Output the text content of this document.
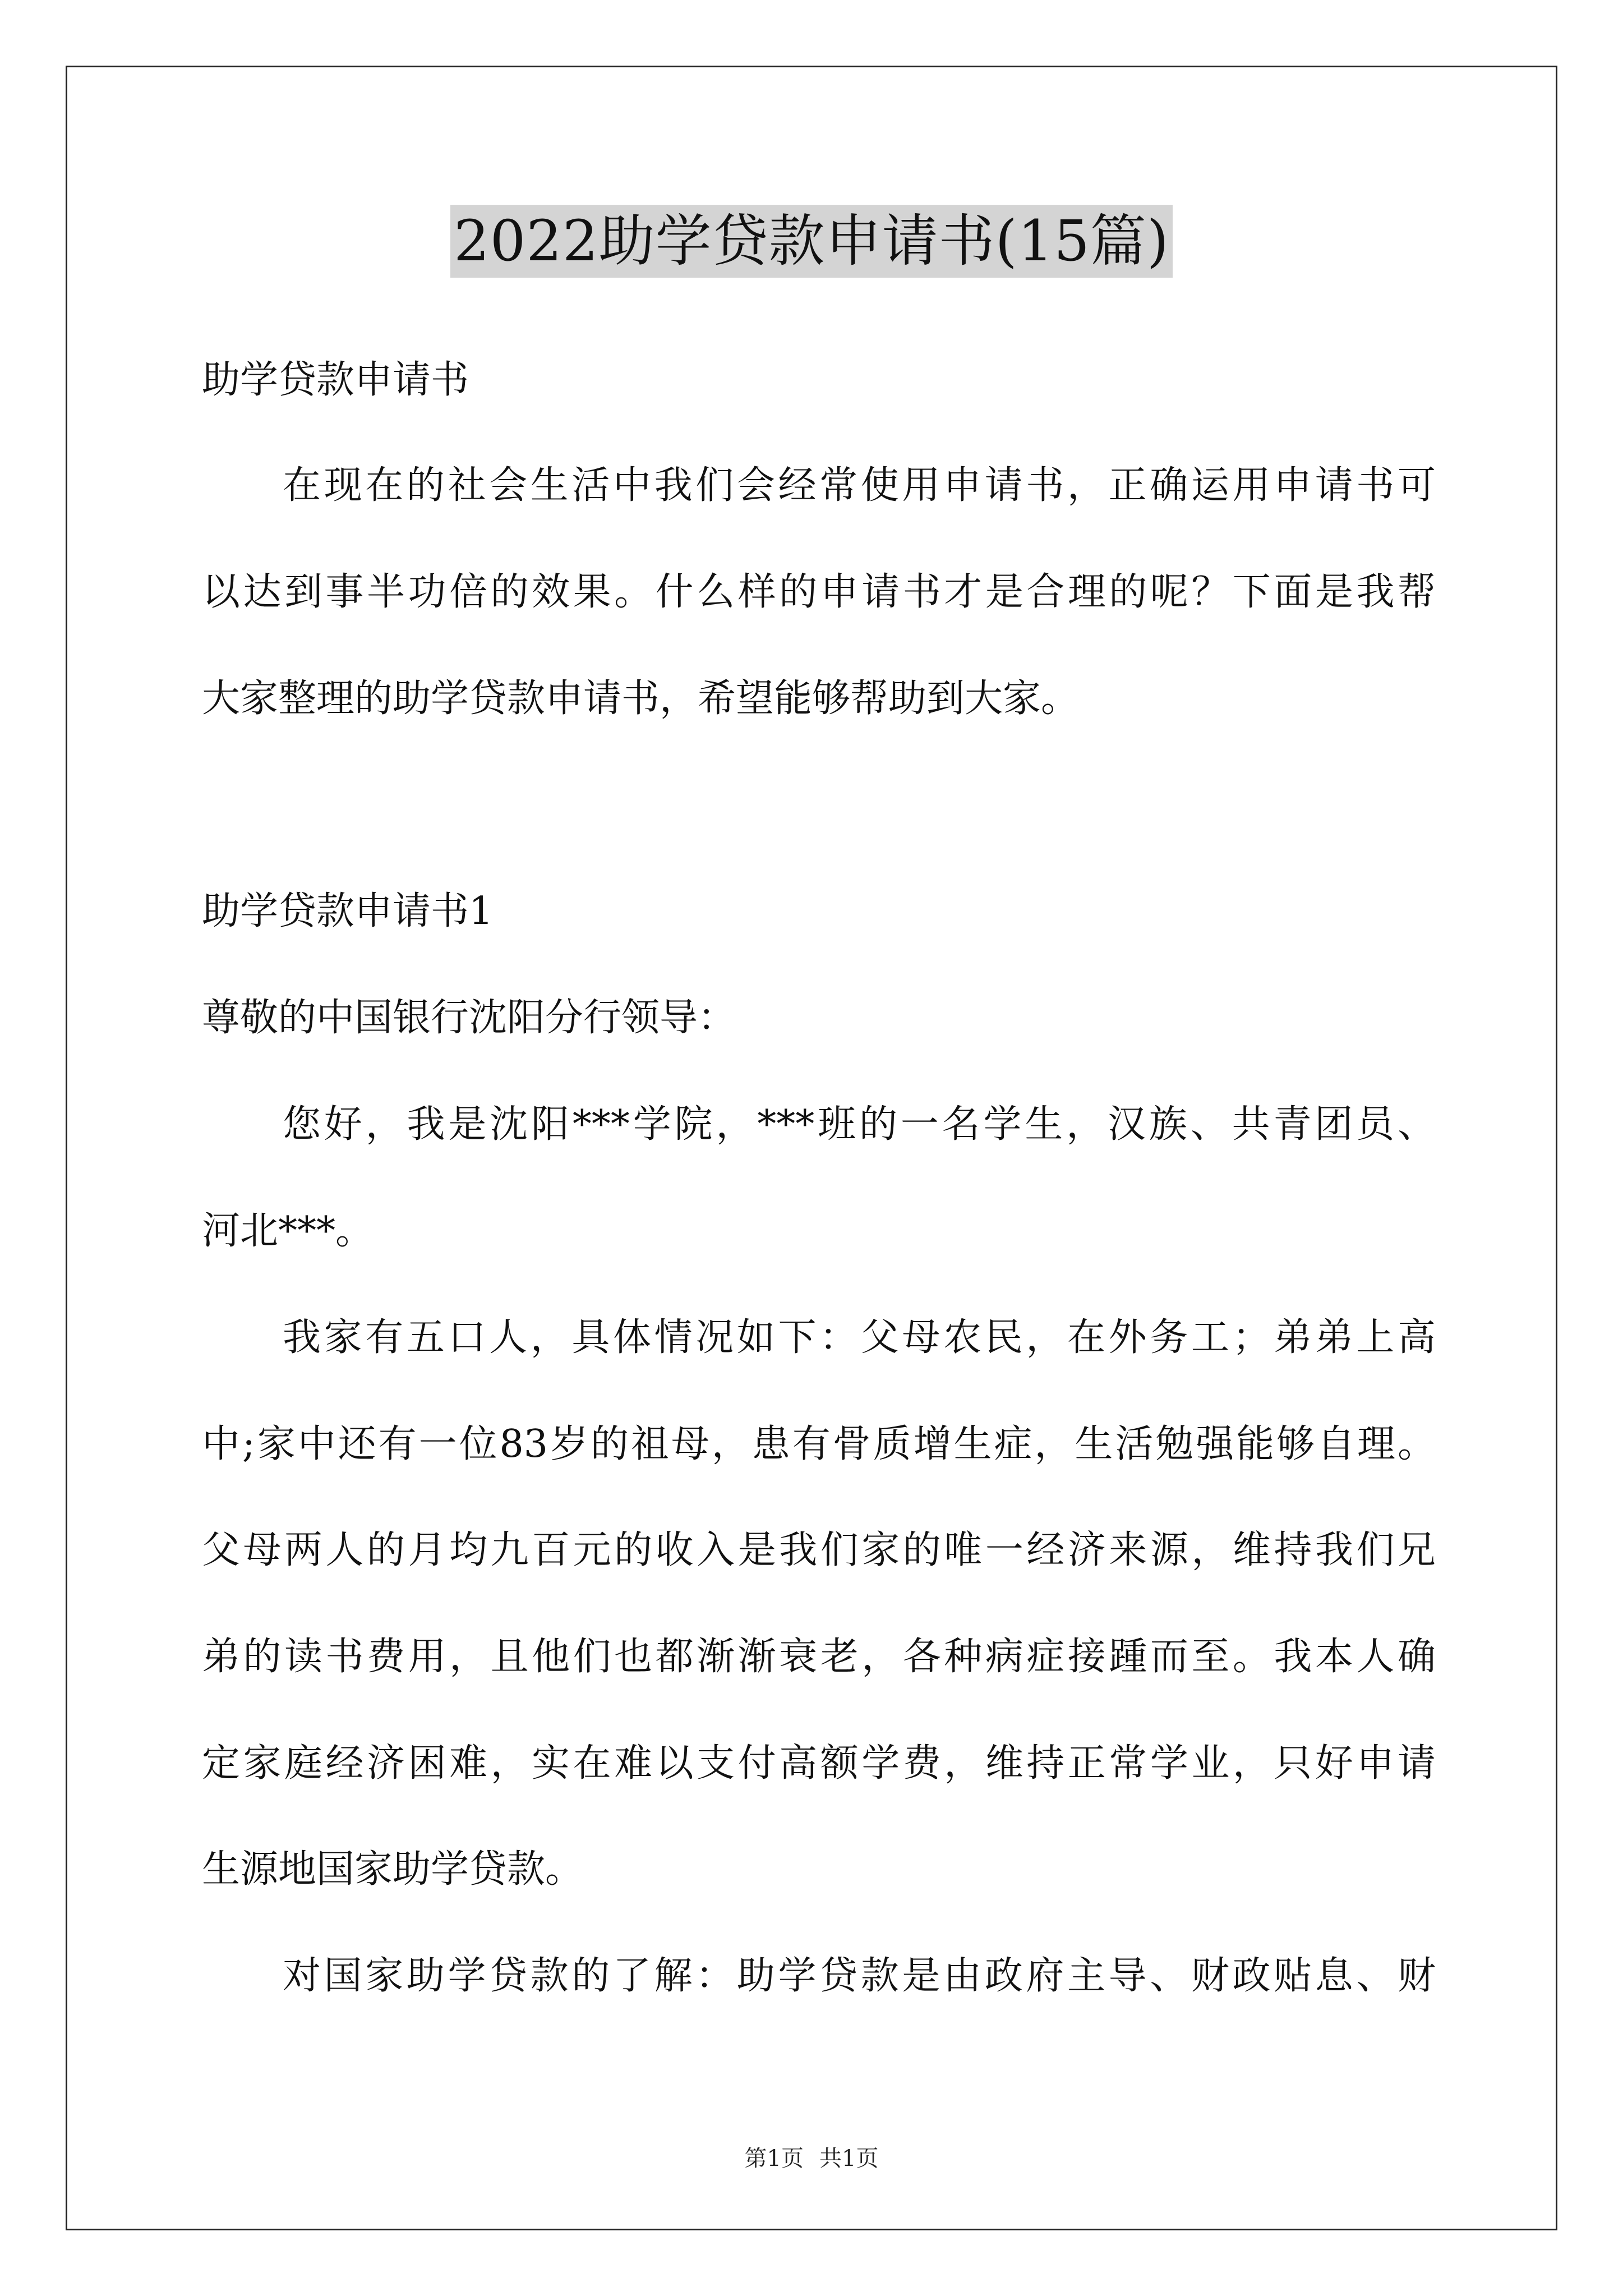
2022助学贷款申请书(15篇)
助学贷款申请书
在现在的社会生活中我们会经常使用申请书，正确运用申请书可
以达到事半功倍的效果。什么样的申请书才是合理的呢？下面是我帮
大家整理的助学贷款申请书，希望能够帮助到大家。
助学贷款申请书1
尊敬的中国银行沈阳分行领导：
您好，我是沈阳***学院，***班的一名学生，汉族、共青团员、
河北***。
我家有五口人，具体情况如下：父母农民，在外务工；弟弟上高
中;家中还有一位83岁的祖母，患有骨质增生症，生活勉强能够自理。
父母两人的月均九百元的收入是我们家的唯一经济来源，维持我们兄
弟的读书费用，且他们也都渐渐衰老，各种病症接踵而至。我本人确
定家庭经济困难，实在难以支付高额学费，维持正常学业，只好申请
生源地国家助学贷款。
对国家助学贷款的了解：助学贷款是由政府主导、财政贴息、财
第1页 共1页
